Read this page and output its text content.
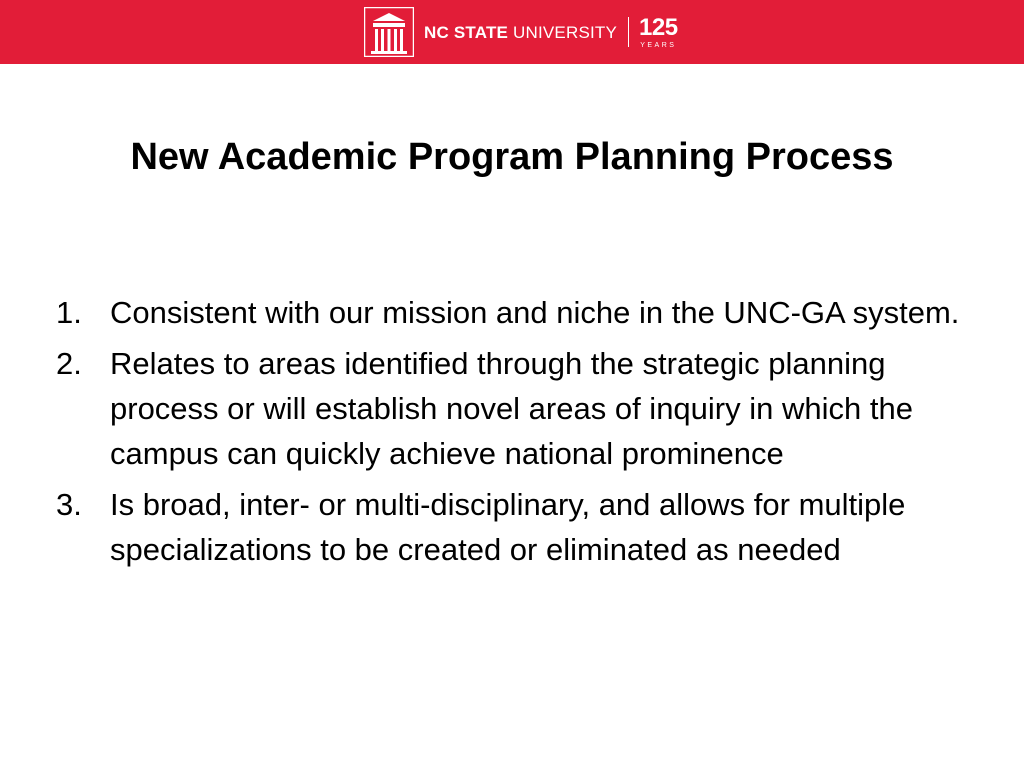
NC STATE UNIVERSITY 125
YEARS
New Academic Program Planning Process
1. Consistent with our mission and niche in the UNC-GA system.
2. Relates to areas identified through the strategic planning process or will establish novel areas of inquiry in which the campus can quickly achieve national prominence
3. Is broad, inter- or multi-disciplinary, and allows for multiple specializations to be created or eliminated as needed
